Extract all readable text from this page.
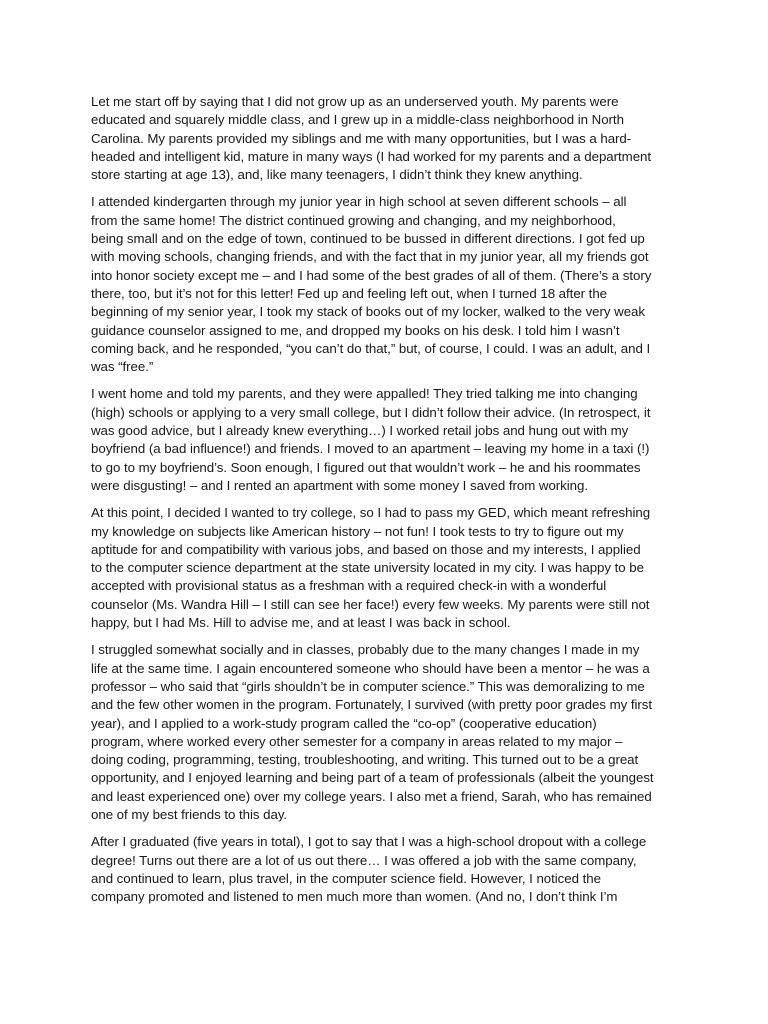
Let me start off by saying that I did not grow up as an underserved youth. My parents were
educated and squarely middle class, and I grew up in a middle-class neighborhood in North
Carolina. My parents provided my siblings and me with many opportunities, but I was a hard-
headed and intelligent kid, mature in many ways (I had worked for my parents and a department
store starting at age 13), and, like many teenagers, I didn’t think they knew anything.
I attended kindergarten through my junior year in high school at seven different schools – all
from the same home! The district continued growing and changing, and my neighborhood,
being small and on the edge of town, continued to be bussed in different directions. I got fed up
with moving schools, changing friends, and with the fact that in my junior year, all my friends got
into honor society except me – and I had some of the best grades of all of them. (There’s a story
there, too, but it’s not for this letter! Fed up and feeling left out, when I turned 18 after the
beginning of my senior year, I took my stack of books out of my locker, walked to the very weak
guidance counselor assigned to me, and dropped my books on his desk. I told him I wasn’t
coming back, and he responded, “you can’t do that,” but, of course, I could. I was an adult, and I
was “free.”
I went home and told my parents, and they were appalled! They tried talking me into changing
(high) schools or applying to a very small college, but I didn’t follow their advice. (In retrospect, it
was good advice, but I already knew everything…) I worked retail jobs and hung out with my
boyfriend (a bad influence!) and friends. I moved to an apartment – leaving my home in a taxi (!)
to go to my boyfriend’s. Soon enough, I figured out that wouldn’t work – he and his roommates
were disgusting! – and I rented an apartment with some money I saved from working.
At this point, I decided I wanted to try college, so I had to pass my GED, which meant refreshing
my knowledge on subjects like American history – not fun! I took tests to try to figure out my
aptitude for and compatibility with various jobs, and based on those and my interests, I applied
to the computer science department at the state university located in my city. I was happy to be
accepted with provisional status as a freshman with a required check-in with a wonderful
counselor (Ms. Wandra Hill – I still can see her face!) every few weeks. My parents were still not
happy, but I had Ms. Hill to advise me, and at least I was back in school.
I struggled somewhat socially and in classes, probably due to the many changes I made in my
life at the same time. I again encountered someone who should have been a mentor – he was a
professor – who said that “girls shouldn’t be in computer science.” This was demoralizing to me
and the few other women in the program. Fortunately, I survived (with pretty poor grades my first
year), and I applied to a work-study program called the “co-op” (cooperative education)
program, where worked every other semester for a company in areas related to my major –
doing coding, programming, testing, troubleshooting, and writing. This turned out to be a great
opportunity, and I enjoyed learning and being part of a team of professionals (albeit the youngest
and least experienced one) over my college years. I also met a friend, Sarah, who has remained
one of my best friends to this day.
After I graduated (five years in total), I got to say that I was a high-school dropout with a college
degree! Turns out there are a lot of us out there… I was offered a job with the same company,
and continued to learn, plus travel, in the computer science field. However, I noticed the
company promoted and listened to men much more than women. (And no, I don’t think I’m
